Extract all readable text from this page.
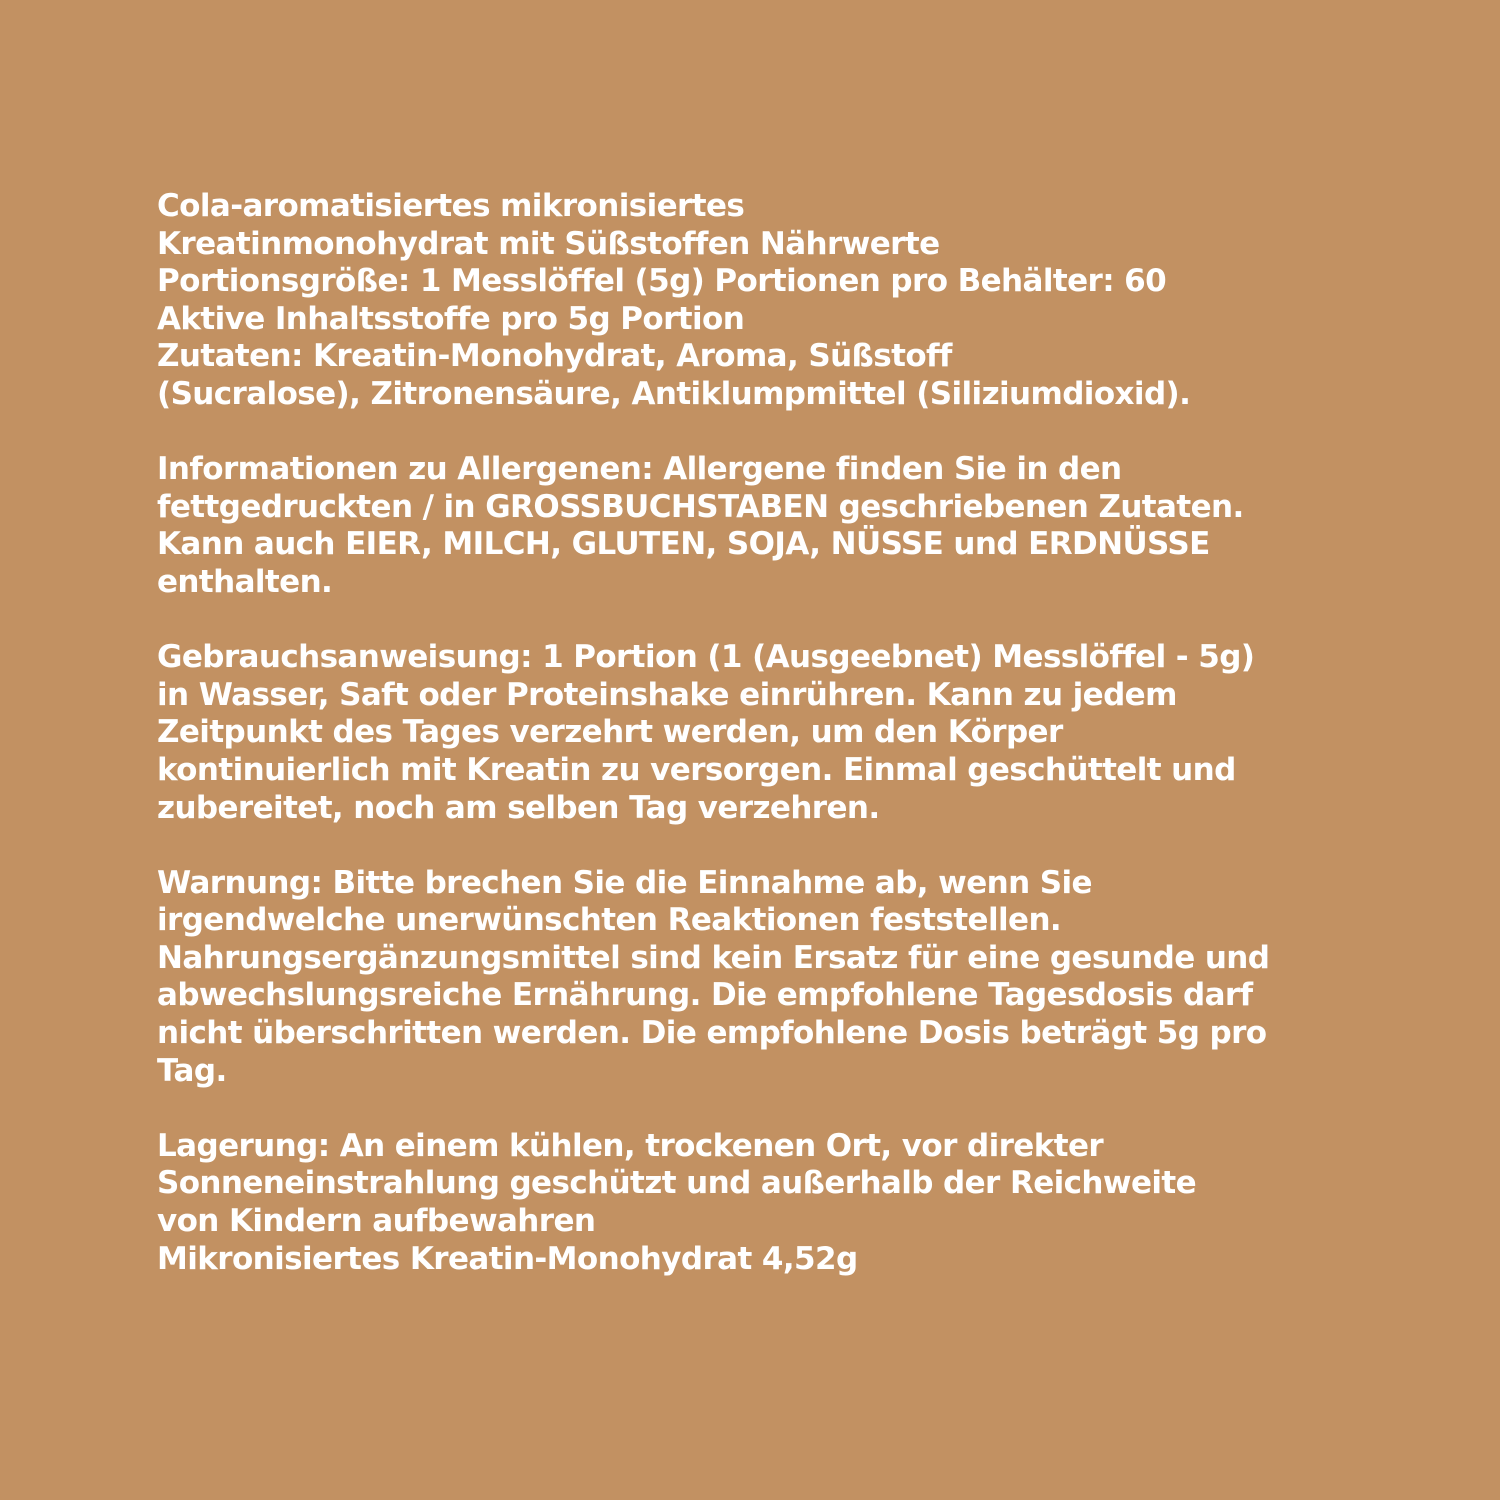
Cola-aromatisiertes mikronisiertes
Kreatinmonohydrat mit Süßstoffen Nährwerte
Portionsgröße: 1 Messlöffel (5g) Portionen pro Behälter: 60
Aktive Inhaltsstoffe pro 5g Portion
Zutaten: Kreatin-Monohydrat, Aroma, Süßstoff
(Sucralose), Zitronensäure, Antiklumpmittel (Siliziumdioxid).
Informationen zu Allergenen: Allergene finden Sie in den
fettgedruckten / in GROSSBUCHSTABEN geschriebenen Zutaten.
Kann auch EIER, MILCH, GLUTEN, SOJA, NÜSSE und ERDNÜSSE
enthalten.
Gebrauchsanweisung: 1 Portion (1 (Ausgeebnet) Messlöffel - 5g)
in Wasser, Saft oder Proteinshake einrühren. Kann zu jedem
Zeitpunkt des Tages verzehrt werden, um den Körper
kontinuierlich mit Kreatin zu versorgen. Einmal geschüttelt und
zubereitet, noch am selben Tag verzehren.
Warnung: Bitte brechen Sie die Einnahme ab, wenn Sie
irgendwelche unerwünschten Reaktionen feststellen.
Nahrungsergänzungsmittel sind kein Ersatz für eine gesunde und
abwechslungsreiche Ernährung. Die empfohlene Tagesdosis darf
nicht überschritten werden. Die empfohlene Dosis beträgt 5g pro
Tag.
Lagerung: An einem kühlen, trockenen Ort, vor direkter
Sonneneinstrahlung geschützt und außerhalb der Reichweite
von Kindern aufbewahren
Mikronisiertes Kreatin-Monohydrat 4,52g
